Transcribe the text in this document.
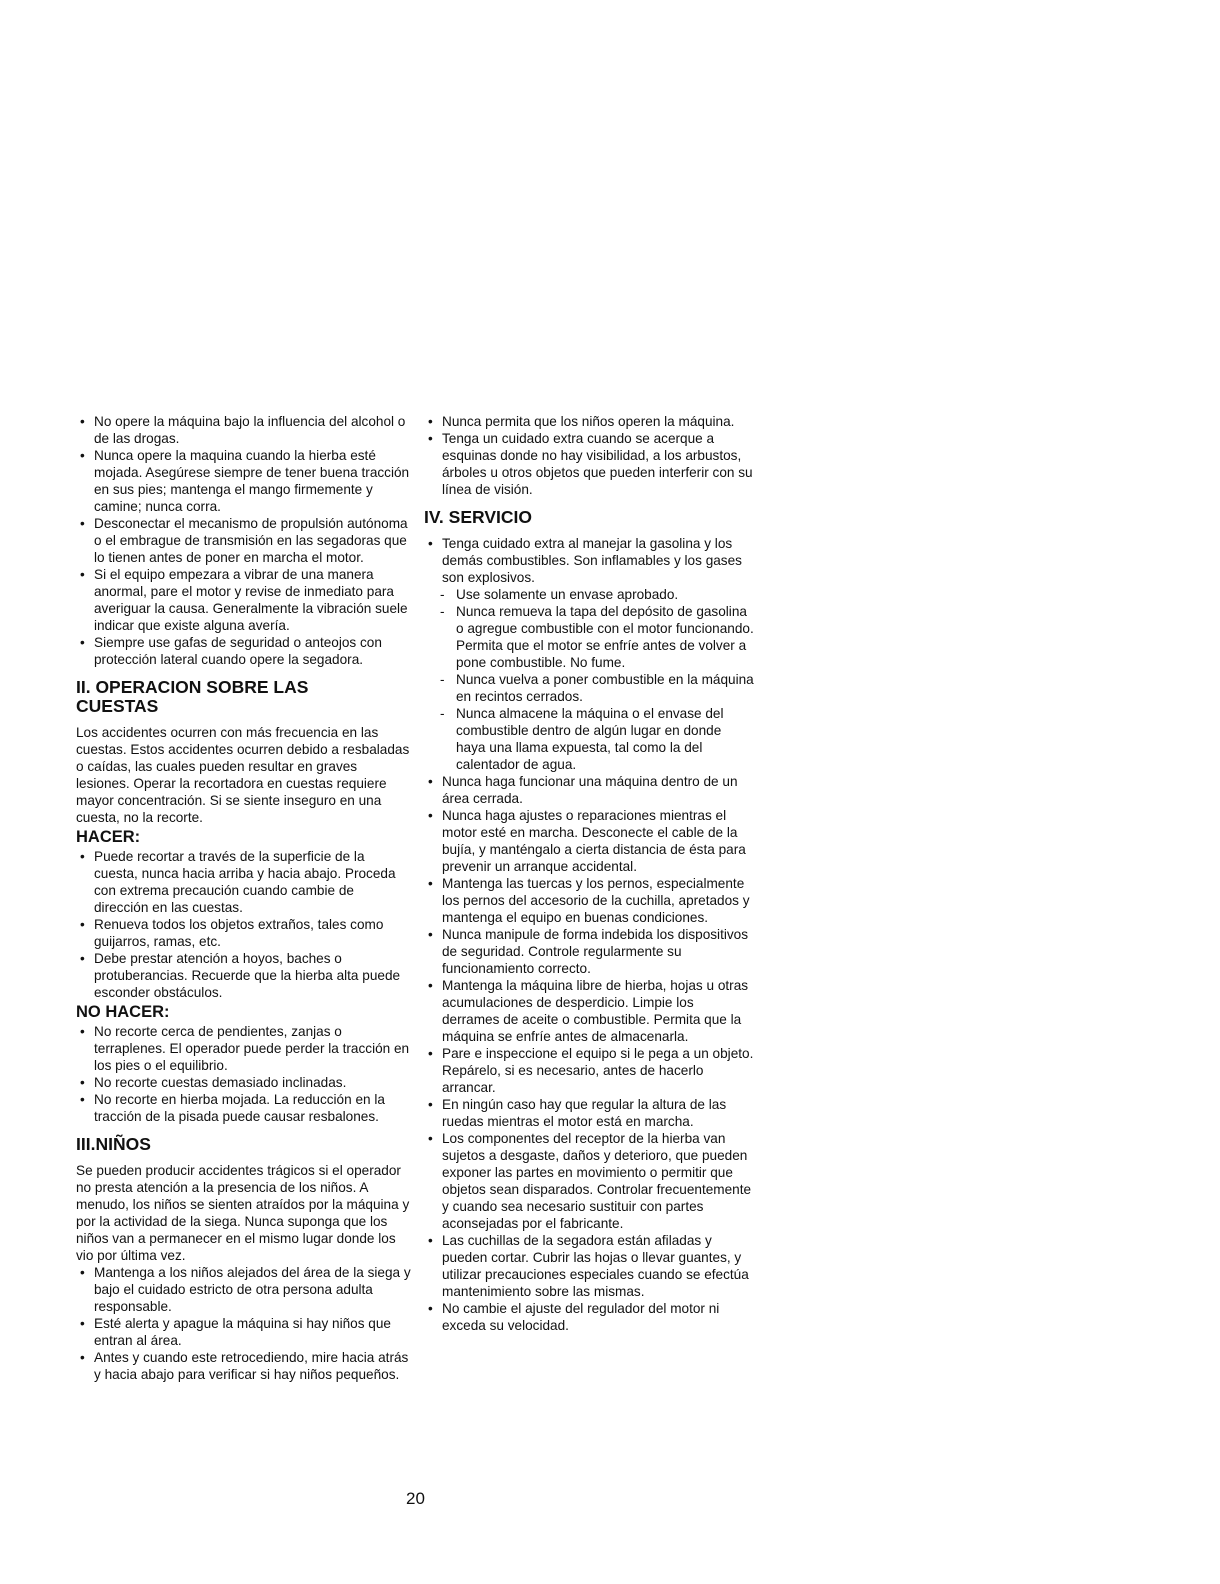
• No opere la máquina bajo la influencia del alcohol o de las drogas.
• Nunca opere la maquina cuando la hierba esté mojada. Asegúrese siempre de tener buena tracción en sus pies; mantenga el mango firmemente y camine; nunca corra.
• Desconectar el mecanismo de propulsión autónoma o el embrague de transmisión en las segadoras que lo tienen antes de poner en marcha el motor.
• Si el equipo empezara a vibrar de una manera anormal, pare el motor y revise de inmediato para averiguar la causa. Generalmente la vibración suele indicar que existe alguna avería.
• Siempre use gafas de seguridad o anteojos con protección lateral cuando opere la segadora.
II. OPERACION SOBRE LAS
CUESTAS

Los accidentes ocurren con más frecuencia en las cuestas. Estos accidentes ocurren debido a resbaladas o caídas, las cuales pueden resultar en graves lesiones. Operar la recortadora en cuestas requiere mayor concentración. Si se siente inseguro en una cuesta, no la recorte.

HACER:
• Puede recortar a través de la superficie de la cuesta, nunca hacia arriba y hacia abajo. Proceda con extrema precaución cuando cambie de dirección en las cuestas.
• Renueva todos los objetos extraños, tales como guijarros, ramas, etc.
• Debe prestar atención a hoyos, baches o protuberancias. Recuerde que la hierba alta puede esconder obstáculos.
NO HACER:
• No recorte cerca de pendientes, zanjas o terraplenes. El operador puede perder la tracción en los pies o el equilibrio.
• No recorte cuestas demasiado inclinadas.
• No recorte en hierba mojada. La reducción en la tracción de la pisada puede causar resbalones.
III.NIÑOS

Se pueden producir accidentes trágicos si el operador no presta atención a la presencia de los niños. A menudo, los niños se sienten atraídos por la máquina y por la actividad de la siega. Nunca suponga que los niños van a permanecer en el mismo lugar donde los vio por última vez.

• Mantenga a los niños alejados del área de la siega y bajo el cuidado estricto de otra persona adulta responsable.
• Esté alerta y apague la máquina si hay niños que entran al área.
• Antes y cuando este retrocediendo, mire hacia atrás y hacia abajo para verificar si hay niños pequeños.
• Nunca permita que los niños operen la máquina.
• Tenga un cuidado extra cuando se acerque a esquinas donde no hay visibilidad, a los arbustos, árboles u otros objetos que pueden interferir con su línea de visión.
IV. SERVICIO
• Tenga cuidado extra al manejar la gasolina y los demás combustibles. Son inflamables y los gases son explosivos.
- Use solamente un envase aprobado.
- Nunca remueva la tapa del depósito de gasolina o agregue combustible con el motor funcionando. Permita que el motor se enfríe antes de volver a pone combustible. No fume.
- Nunca vuelva a poner combustible en la máquina en recintos cerrados.
- Nunca almacene la máquina o el envase del combustible dentro de algún lugar en donde haya una llama expuesta, tal como la del calentador de agua.
• Nunca haga funcionar una máquina dentro de un área cerrada.
• Nunca haga ajustes o reparaciones mientras el motor esté en marcha. Desconecte el cable de la bujía, y manténgalo a cierta distancia de ésta para prevenir un arranque accidental.
• Mantenga las tuercas y los pernos, especialmente los pernos del accesorio de la cuchilla, apretados y mantenga el equipo en buenas condiciones.
• Nunca manipule de forma indebida los dispositivos de seguridad. Controle regularmente su funcionamiento correcto.
• Mantenga la máquina libre de hierba, hojas u otras acumulaciones de desperdicio. Limpie los derrames de aceite o combustible. Permita que la máquina se enfríe antes de almacenarla.
• Pare e inspeccione el equipo si le pega a un objeto. Repárelo, si es necesario, antes de hacerlo arrancar.
• En ningún caso hay que regular la altura de las ruedas mientras el motor está en marcha.
• Los componentes del receptor de la hierba van sujetos a desgaste, daños y deterioro, que pueden exponer las partes en movimiento o permitir que objetos sean disparados. Controlar frecuentemente y cuando sea necesario sustituir con partes aconsejadas por el fabricante.
• Las cuchillas de la segadora están afiladas y pueden cortar. Cubrir las hojas o llevar guantes, y utilizar precauciones especiales cuando se efectúa mantenimiento sobre las mismas.
• No cambie el ajuste del regulador del motor ni exceda su velocidad.
20
